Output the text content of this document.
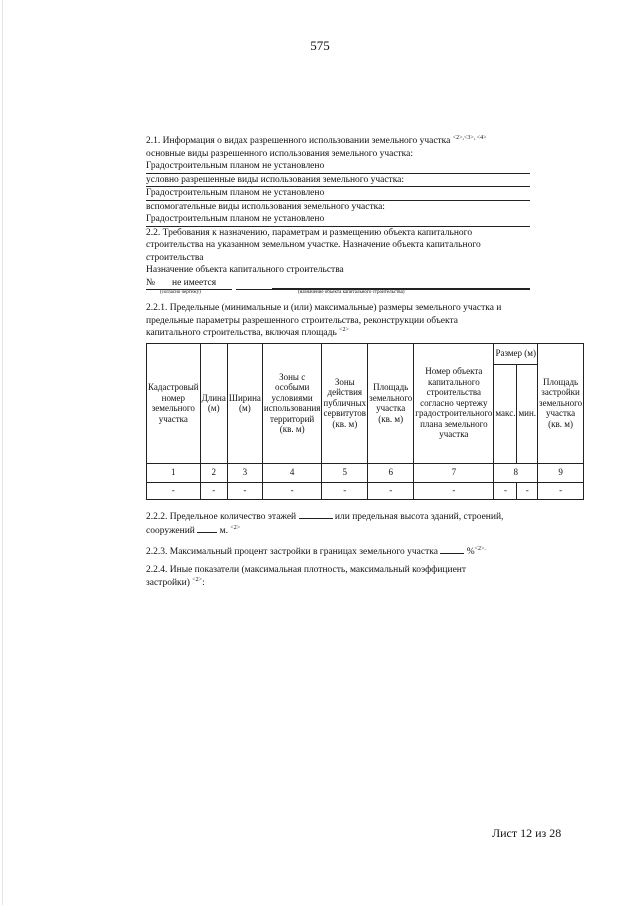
575
2.1. Информация о видах разрешенного использовании земельного участка $^{<2>,<3>, <4>}$
основные виды разрешенного использования земельного участка:
Градостроительным планом не установлено
условно разрешенные виды использования земельного участка:
Градостроительным планом не установлено
вспомогательные виды использования земельного участка:
Градостроительным планом не установлено
2.2. Требования к назначению, параметрам и размещению объекта капитального
строительства на указанном земельном участке. Назначение объекта капитального
строительства
Назначение объекта капитального строительства
№	не имеется
(согласно чертежу)	(назначение объекта капитального строительства)
2.2.1. Предельные (минимальные и (или) максимальные) размеры земельного участка и
предельные параметры разрешенного строительства, реконструкции объекта
капитального строительства, включая площадь $^{<2>}$
Кадастровый номер земельного участка	Длина (м)	Ширина (м)	Зоны с особыми условиями использования территорий (кв. м)	Зоны действия публичных сервитутов (кв. м)	Площадь земельного участка (кв. м)	Номер объекта капитального строительства согласно чертежу градостроительного плана земельного участка	Размер (м)		Площадь застройки земельного участка (кв. м)
							макс.	мин.	
1	2	3	4	5	6	7	8		9
-	-	-	-	-	-	-	-	-	-
2.2.2. Предельное количество этажей	или предельная высота зданий, строений,
сооружений	м. $^{<2>}$
2.2.3. Максимальный процент застройки в границах земельного участка	%$^{<2>.}$
2.2.4. Иные показатели (максимальная плотность, максимальный коэффициент
застройки) $^{<2>}$:
Лист 12 из 28
